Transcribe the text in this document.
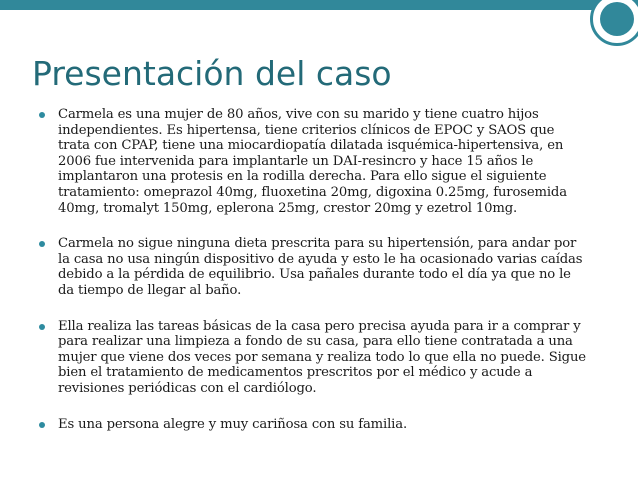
Presentación del caso
Carmela es una mujer de 80 años, vive con su marido y tiene cuatro hijos
independientes. Es hipertensa, tiene criterios clínicos de EPOC y SAOS que
trata con CPAP, tiene una miocardiopatía dilatada isquémica-hipertensiva, en
2006 fue intervenida para implantarle un DAI-resincro y hace 15 años le
implantaron una protesis en la rodilla derecha. Para ello sigue el siguiente
tratamiento: omeprazol 40mg, fluoxetina 20mg, digoxina 0.25mg, furosemida
40mg, tromalyt 150mg, eplerona 25mg, crestor 20mg y ezetrol 10mg.
Carmela no sigue ninguna dieta prescrita para su hipertensión, para andar por
la casa no usa ningún dispositivo de ayuda y esto le ha ocasionado varias caídas
debido a la pérdida de equilibrio. Usa pañales durante todo el día ya que no le
da tiempo de llegar al baño.
Ella realiza las tareas básicas de la casa pero precisa ayuda para ir a comprar y
para realizar una limpieza a fondo de su casa, para ello tiene contratada a una
mujer que viene dos veces por semana y realiza todo lo que ella no puede. Sigue
bien el tratamiento de medicamentos prescritos por el médico y acude a
revisiones periódicas con el cardiólogo.
Es una persona alegre y muy cariñosa con su familia.
